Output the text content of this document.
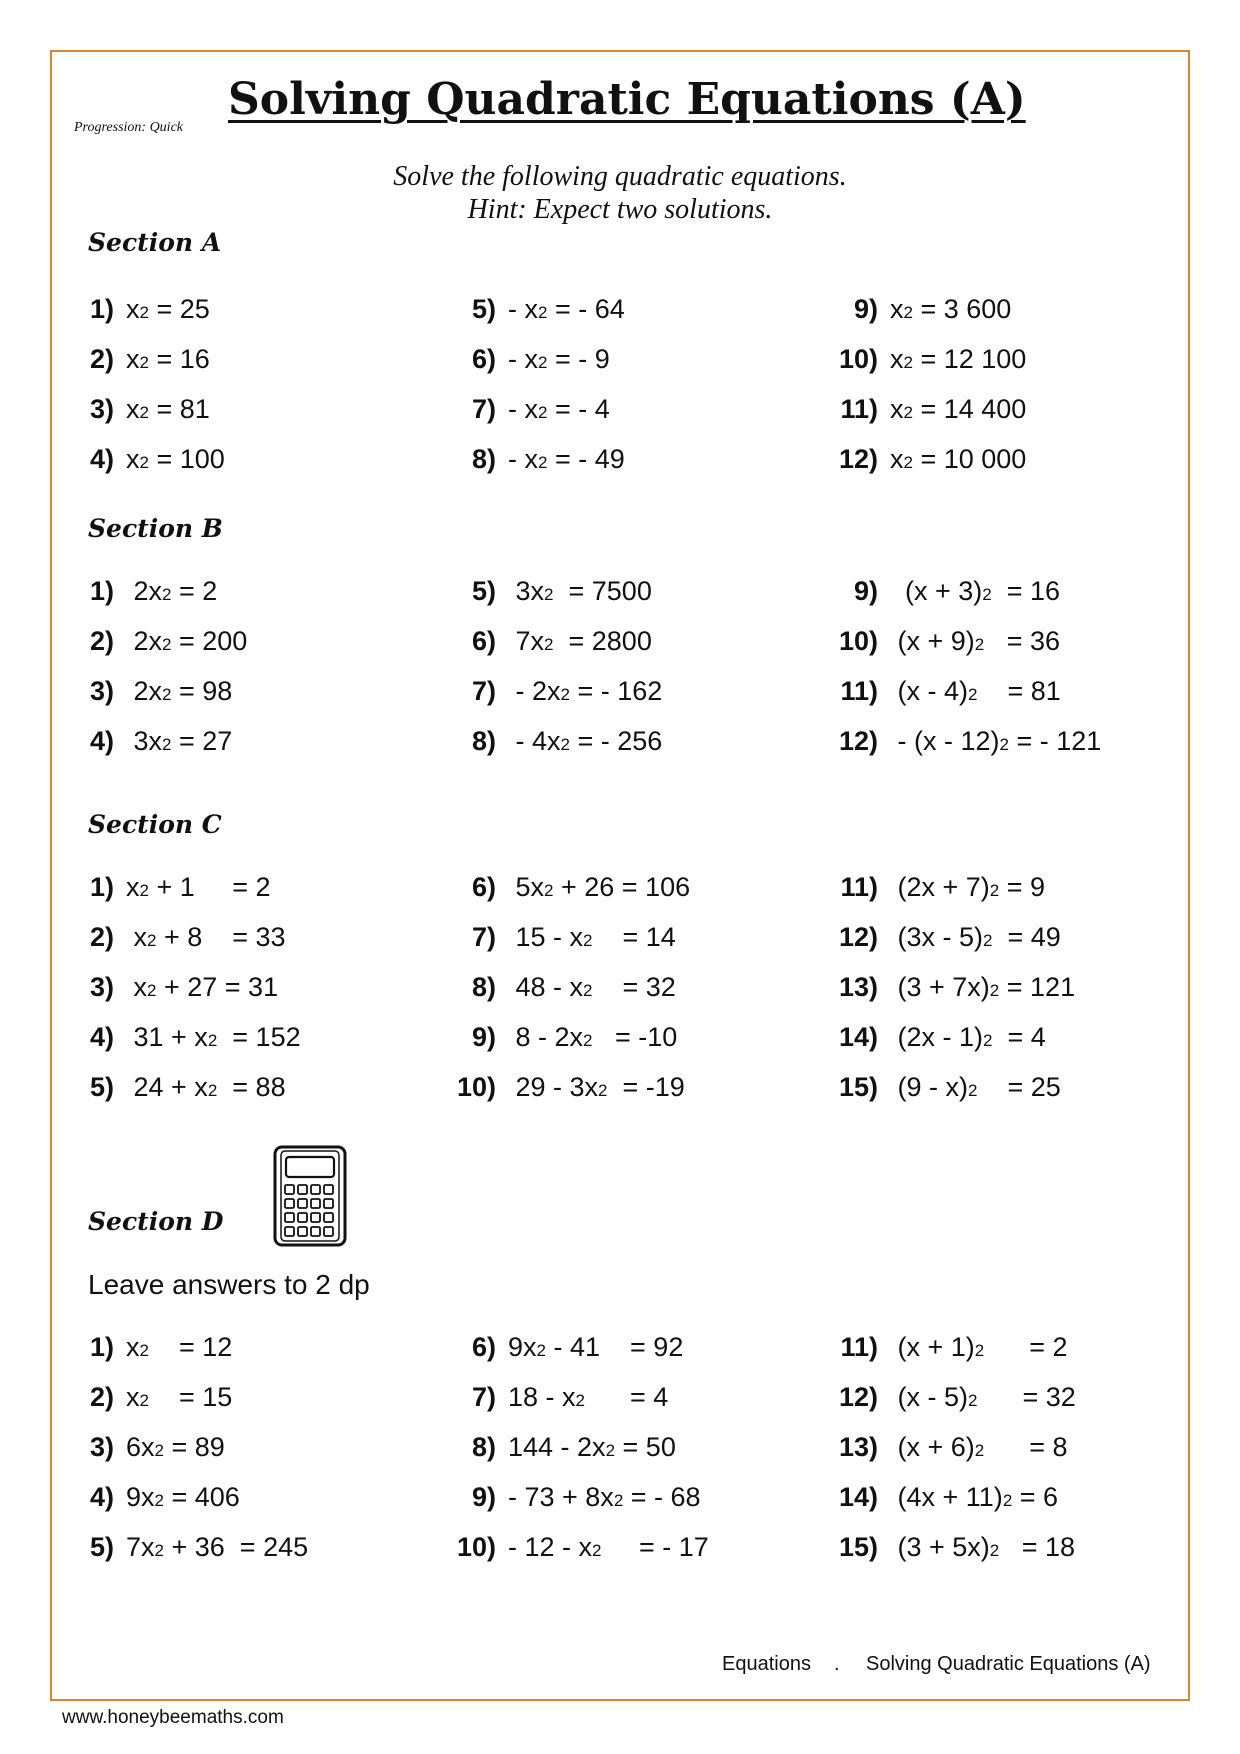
Progression: Quick
Solving Quadratic Equations (A)
Solve the following quadratic equations.
Hint: Expect two solutions.
Section A
1) x 2 = 25
2) x 2 = 16
3) x 2 = 81
4) x 2 = 100
5) - x 2 = - 64
6) - x 2 = - 9
7) - x 2 = - 4
8) - x 2 = - 49
9) x 2 = 3 600
10) x 2 = 12 100
11) x 2 = 14 400
12) x 2 = 10 000
Section B
1) 2x 2 = 2
2) 2x 2 = 200
3) 2x 2 = 98
4) 3x 2 = 27
5) 3x 2 = 7500
6) 7x 2 = 2800
7) - 2x 2 = - 162
8) - 4x 2 = - 256
9) (x + 3) 2 = 16
10) (x + 9) 2 = 36
11) (x - 4) 2 = 81
12) - (x - 12) 2 = - 121
Section C
1) x 2 + 1     = 2
2) x 2 + 8    = 33
3) x 2 + 27 = 31
4) 31 + x 2 = 152
5) 24 + x 2 = 88
6) 5x 2 + 26 = 106
7) 15 - x 2 = 14
8) 48 - x 2 = 32
9) 8 - 2x 2 = -10
10) 29 - 3x 2 = -19
11) (2x + 7) 2 = 9
12) (3x - 5) 2 = 49
13) (3 + 7x) 2 = 121
14) (2x - 1) 2 = 4
15) (9 - x) 2 = 25
Section D
Leave answers to 2 dp
1) x 2 = 12
2) x 2 = 15
3) 6x 2 = 89
4) 9x 2 = 406
5) 7x 2 + 36  = 245
6) 9x 2 - 41    = 92
7) 18 - x 2 = 4
8) 144 - 2x 2 = 50
9) - 73 + 8x 2 = - 68
10) - 12 - x 2 = - 17
11) (x + 1) 2 = 2
12) (x - 5) 2 = 32
13) (x + 6) 2 = 8
14) (4x + 11) 2 = 6
15) (3 + 5x) 2 = 18
Equations . Solving Quadratic Equations (A)
www.honeybeemaths.com
